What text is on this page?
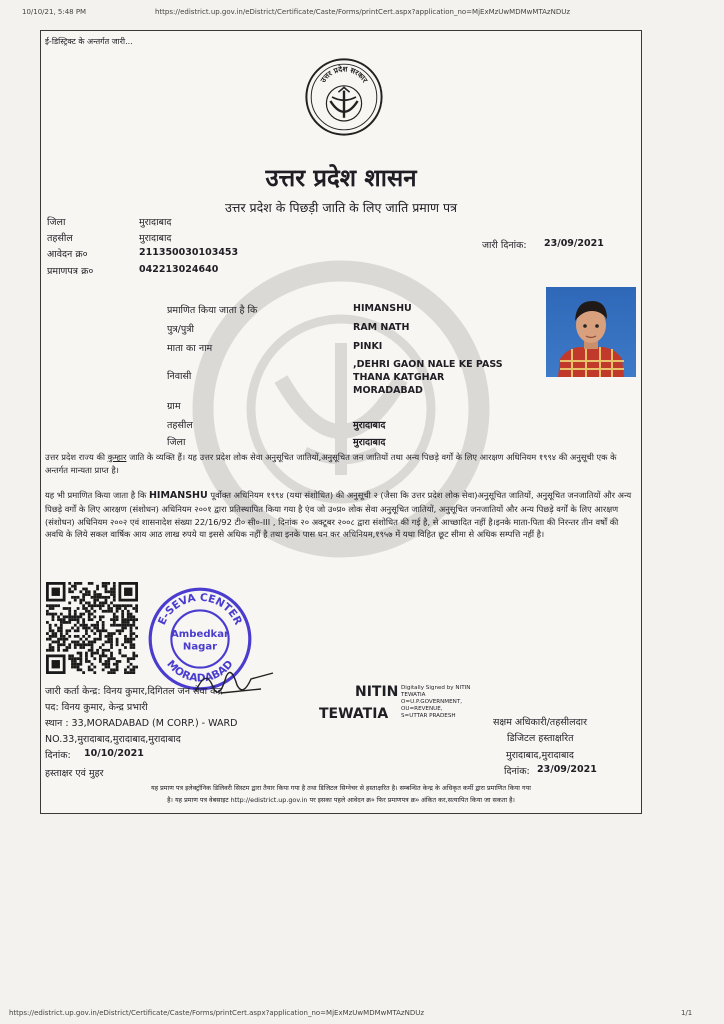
10/10/21, 5:48 PM	https://edistrict.up.gov.in/eDistrict/Certificate/Caste/Forms/printCert.aspx?application_no=MjExMzUwMDMwMTAzNDUz
ई-डिस्ट्रिक्ट के अन्तर्गत जारी...
उत्तर प्रदेश सरकार
उत्तर प्रदेश शासन
उत्तर प्रदेश के पिछड़ी जाति के लिए जाति प्रमाण पत्र
जिला	मुरादाबाद
तहसील	मुरादाबाद
आवेदन क्र०	211350030103453
प्रमाणपत्र क्र०	042213024640
जारी दिनांक: 23/09/2021
प्रमाणित किया जाता है कि	HIMANSHU
पुत्र/पुत्री	RAM NATH
माता का नाम	PINKI
निवासी
,DEHRI GAON NALE KE PASS
THANA KATGHAR
MORADABAD
ग्राम
तहसील	मुरादाबाद
जिला	मुरादाबाद
उत्तर प्रदेश राज्य की कुम्हार जाति के व्यक्ति हैं। यह उत्तर प्रदेश लोक सेवा अनुसूचित जातियों,अनुसूचित जन जातियों तथा अन्य पिछड़े वर्गों के लिए आरक्षण अधिनियम १९९४ की अनुसूची एक के अन्तर्गत मान्यता प्राप्त है।
यह भी प्रमाणित किया जाता है कि HIMANSHU पूर्वोक्त अधिनियम १९९४ (यथा संशोधित) की अनुसूची २ (जैसा कि उत्तर प्रदेश लोक सेवा)अनुसूचित जातियों, अनुसूचित जनजातियों और अन्य पिछड़े वर्गों के लिए आरक्षण (संशोधन) अधिनियम २००१ द्वारा प्रतिस्थापित किया गया है एंव जो उ०प्र० लोक सेवा अनुसूचित जातियों, अनुसूचित जनजातियों और अन्य पिछड़े वर्गों के लिए आरक्षण (संशोधन) अधिनियम २००२ एवं शासनादेश संख्या 22/16/92 टी० सी०-III , दिनांक २० अक्टूबर २००८ द्वारा संशोधित की गई है, से आच्छादित नहीं है।इनके माता-पिता की निरन्तर तीन वर्षों की अवधि के लिये सकल वार्षिक आय आठ लाख रुपये या इससे अधिक नहीं है तथा इनके पास धन कर अधिनियम,१९५७ में यथा विहित छूट सीमा से अधिक सम्पत्ति नहीं है।
E-SEVA CENTER
MORADABAD
Ambedkar
Nagar
जारी कर्ता केन्द्र: विनय कुमार,दिगितल जन सेवा केंद्र
पद: विनय कुमार, केन्द्र प्रभारी
स्थान : 33,MORADABAD (M CORP.) - WARD
NO.33,मुरादाबाद,मुरादाबाद,मुरादाबाद
दिनांक: 10/10/2021
हस्ताक्षर एवं मुहर
NITIN
TEWATIA
Digitally Signed by NITIN
TEWATIA
O=U.P.GOVERNMENT,
OU=REVENUE,
S=UTTAR PRADESH
सक्षम अधिकारी/तहसीलदार
डिजिटल हस्ताक्षरित
मुरादाबाद,मुरादाबाद
दिनांक: 23/09/2021
यह प्रमाण पत्र इलेक्ट्रॉनिक डिलिवरी सिस्टम द्वारा तैयार किया गया है तथा डिजिटल सिग्नेचर से हस्ताक्षरित है। सम्बन्धित केन्द्र के अधिकृत कर्मी द्वारा प्रमाणित किया गया
है। यह प्रमाण पत्र वेबसाइट http://edistrict.up.gov.in पर इसका पहले आवेदन क्र० फिर प्रमाणपत्र क्र० अंकित कर,सत्यापित किया जा सकता है।
https://edistrict.up.gov.in/eDistrict/Certificate/Caste/Forms/printCert.aspx?application_no=MjExMzUwMDMwMTAzNDUz	1/1
